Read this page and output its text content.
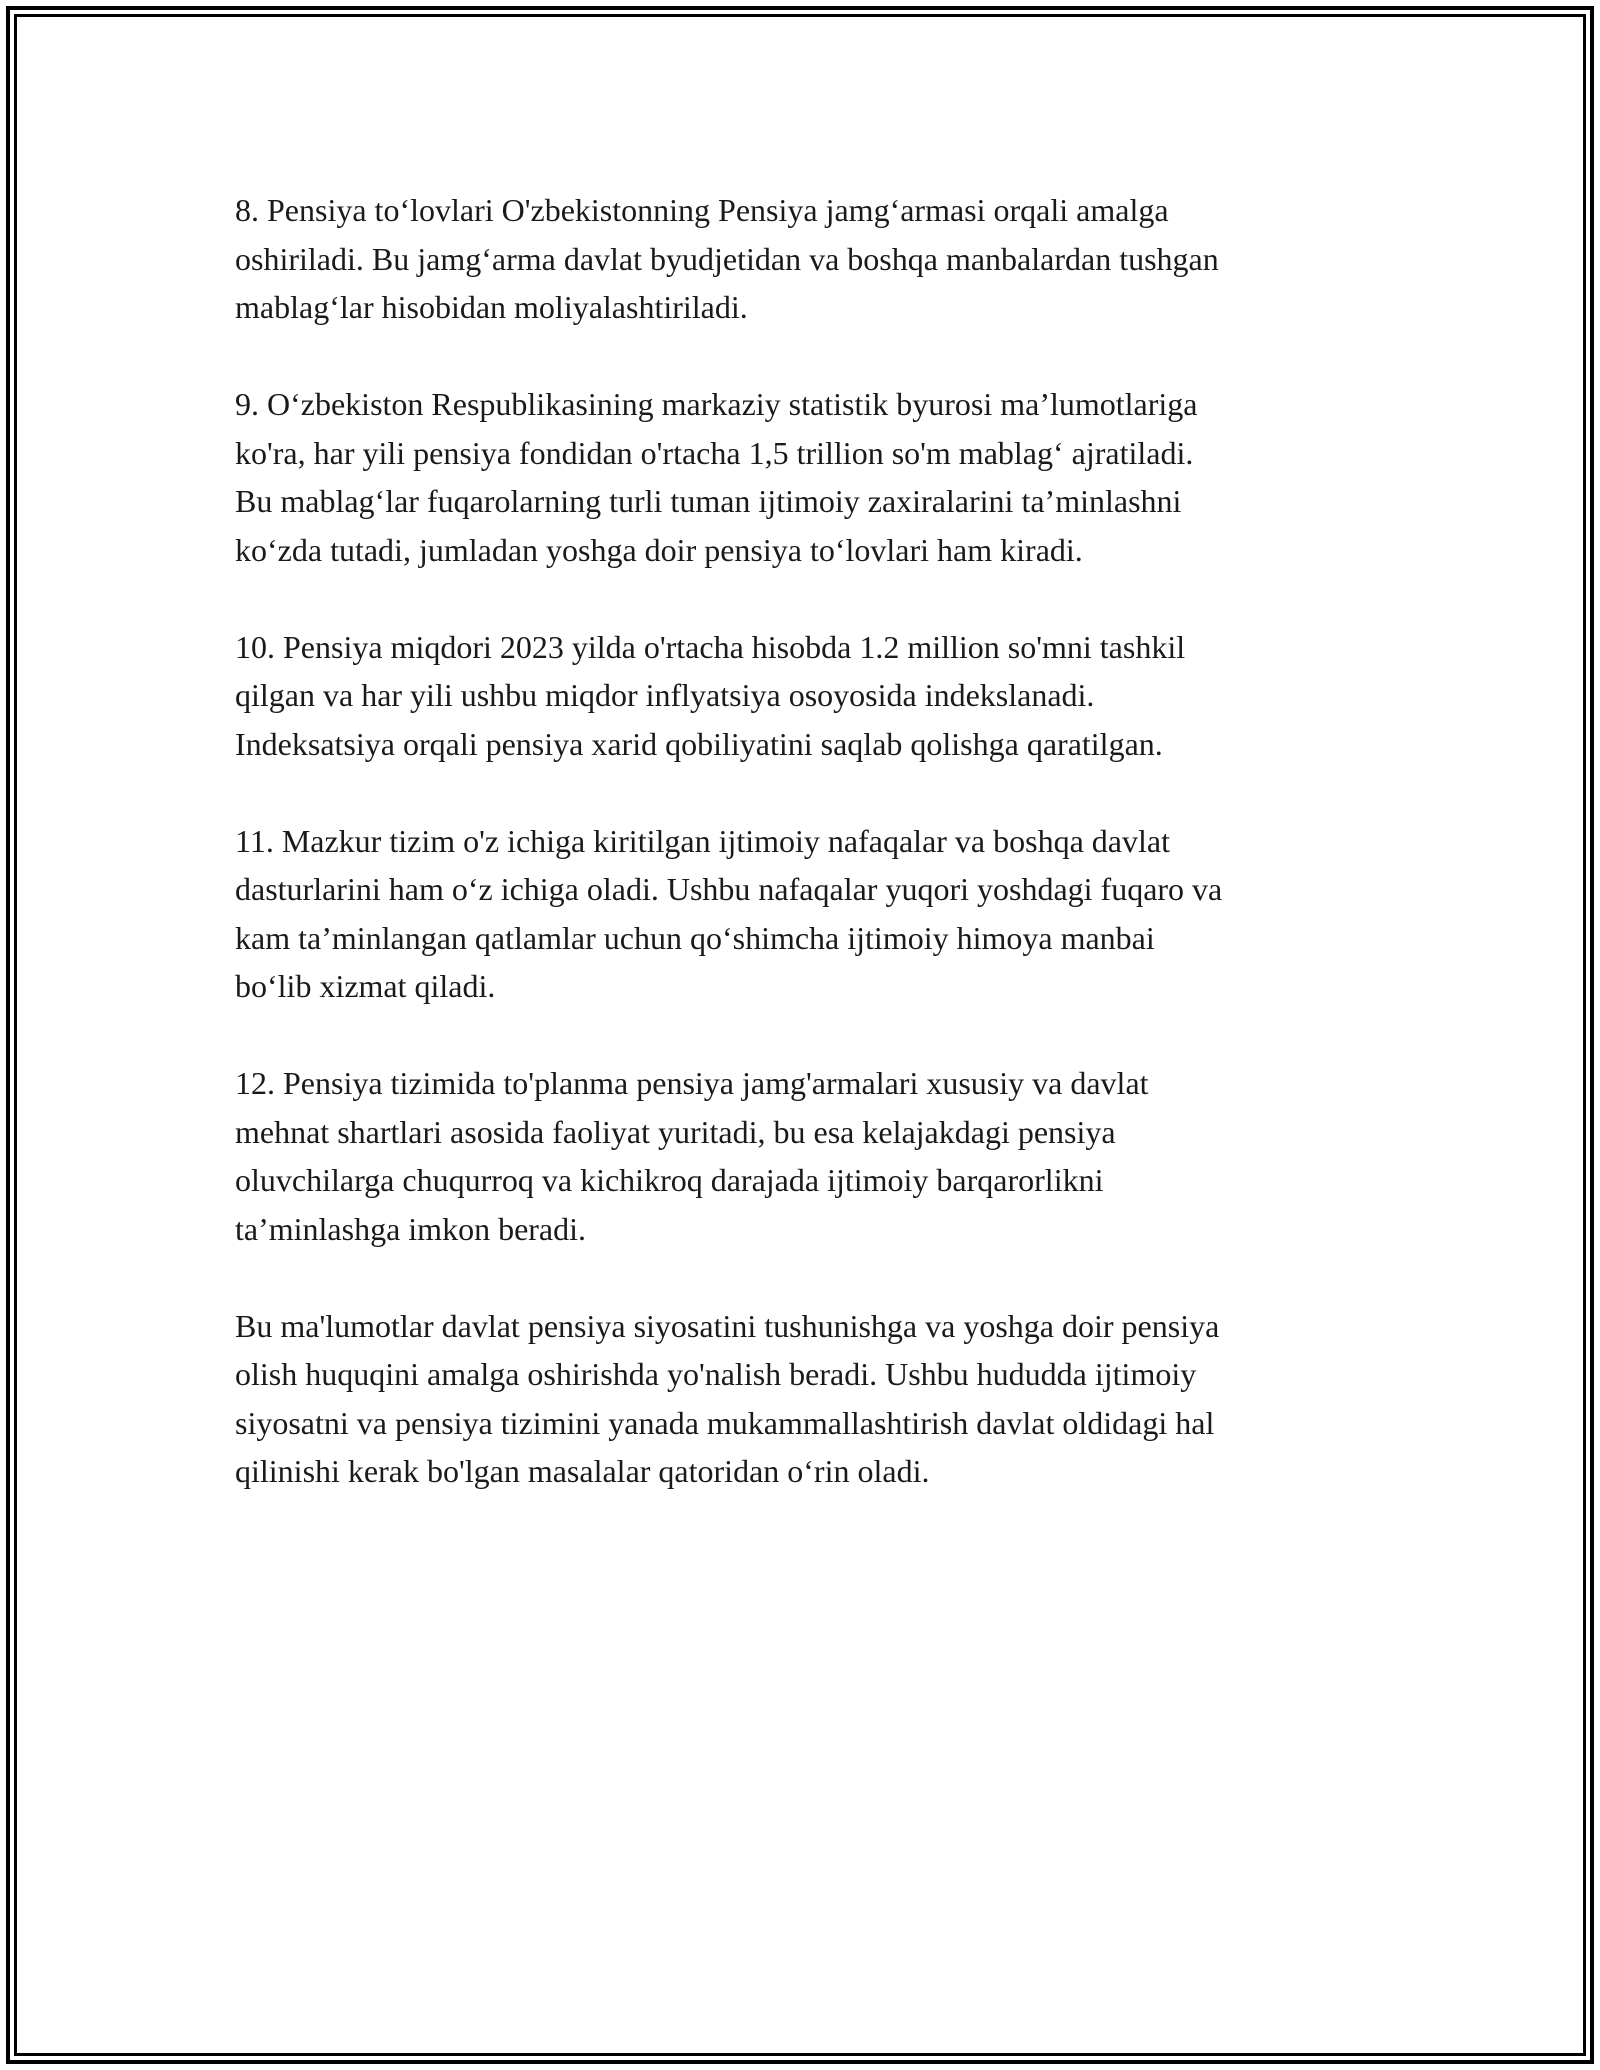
8. Pensiya to‘lovlari O'zbekistonning Pensiya jamg‘armasi orqali amalga
oshiriladi. Bu jamg‘arma davlat byudjetidan va boshqa manbalardan tushgan
mablag‘lar hisobidan moliyalashtiriladi.

9. O‘zbekiston Respublikasining markaziy statistik byurosi ma’lumotlariga
ko'ra, har yili pensiya fondidan o'rtacha 1,5 trillion so'm mablag‘ ajratiladi.
Bu mablag‘lar fuqarolarning turli tuman ijtimoiy zaxiralarini ta’minlashni
ko‘zda tutadi, jumladan yoshga doir pensiya to‘lovlari ham kiradi.

10. Pensiya miqdori 2023 yilda o'rtacha hisobda 1.2 million so'mni tashkil
qilgan va har yili ushbu miqdor inflyatsiya osoyosida indekslanadi.
Indeksatsiya orqali pensiya xarid qobiliyatini saqlab qolishga qaratilgan.

11. Mazkur tizim o'z ichiga kiritilgan ijtimoiy nafaqalar va boshqa davlat
dasturlarini ham o‘z ichiga oladi. Ushbu nafaqalar yuqori yoshdagi fuqaro va
kam ta’minlangan qatlamlar uchun qo‘shimcha ijtimoiy himoya manbai
bo‘lib xizmat qiladi.

12. Pensiya tizimida to'planma pensiya jamg'armalari xususiy va davlat
mehnat shartlari asosida faoliyat yuritadi, bu esa kelajakdagi pensiya
oluvchilarga chuqurroq va kichikroq darajada ijtimoiy barqarorlikni
ta’minlashga imkon beradi.

Bu ma'lumotlar davlat pensiya siyosatini tushunishga va yoshga doir pensiya
olish huquqini amalga oshirishda yo'nalish beradi. Ushbu hududda ijtimoiy
siyosatni va pensiya tizimini yanada mukammallashtirish davlat oldidagi hal
qilinishi kerak bo'lgan masalalar qatoridan o‘rin oladi.
